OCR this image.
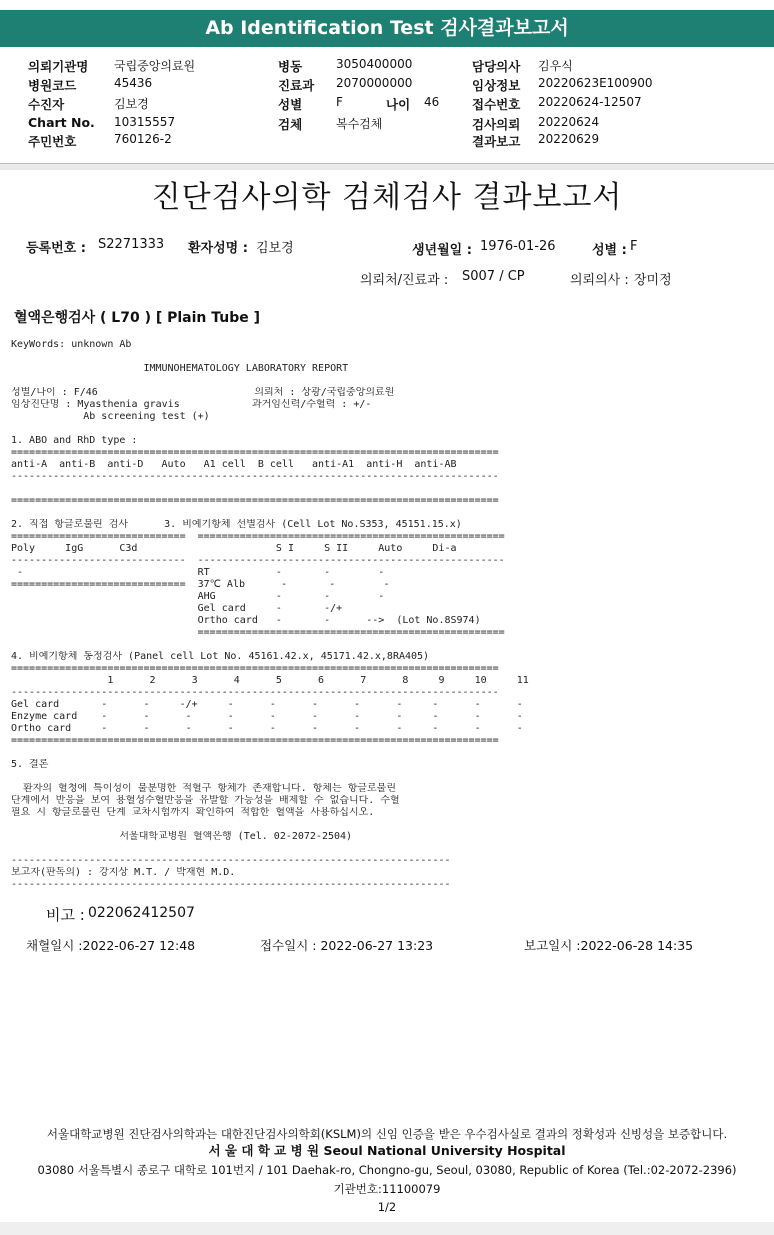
Ab Identification Test 검사결과보고서
의뢰기관명 국립중앙의료원
병원코드	45436
수진자	김보경
Chart No. 10315557
주민번호	760126-2
병동	3050400000
진료과 2070000000
성별	F	나이 46
검체	복수검체
담당의사 김우식
임상정보 20220623E100900
접수번호 20220624-12507
검사의뢰 20220624
결과보고 20220629
진단검사의학 검체검사 결과보고서
등록번호 : S2271333 환자성명 : 김보경	생년월일 : 1976-01-26	성별 : F
의뢰처/진료과 : S007 / CP	의뢰의사 : 장미정
혈액은행검사 ( L70 ) [ Plain Tube ]
KeyWords: unknown Ab
IMMUNOHEMATOLOGY LABORATORY REPORT
성별/나이 : F/46                          의뢰처 : 상광/국립중앙의료원
임상진단명 : Myasthenia gravis            과거임신력/수혈력 : +/-
Ab screening test (+)
1. ABO and RhD type :
=================================================================================
anti-A  anti-B  anti-D   Auto   A1 cell  B cell   anti-A1  anti-H  anti-AB
---------------------------------------------------------------------------------
=================================================================================
2. 직접 항글로불린 검사      3. 비예기항체 선별검사 (Cell Lot No.S353, 45151.15.x)
=============================  ===================================================
Poly     IgG      C3d                       S I     S II     Auto     Di-a
-----------------------------  ---------------------------------------------------
-                             RT           -       -        -
=============================  37℃ Alb      -       -        -
AHG          -       -        -
Gel card     -       -/+
Ortho card   -       -      -->  (Lot No.8S974)
===================================================
4. 비예기항체 동정검사 (Panel cell Lot No. 45161.42.x, 45171.42.x,8RA405)
=================================================================================
1      2      3      4      5      6      7      8     9     10     11
---------------------------------------------------------------------------------
Gel card       -      -     -/+     -      -      -      -      -     -      -      -
Enzyme card    -      -      -      -      -      -      -      -     -      -      -
Ortho card     -      -      -      -      -      -      -      -     -      -      -
=================================================================================
5. 결론
환자의 혈청에 특이성이 불분명한 적혈구 항체가 존재합니다. 항체는 항글로불린
단계에서 반응을 보여 용혈성수혈반응을 유발할 가능성을 배제할 수 없습니다. 수혈
필요 시 항글로불린 단계 교차시험까지 확인하여 적합한 혈액을 사용하십시오.
서울대학교병원 혈액은행 (Tel. 02-2072-2504)
-------------------------------------------------------------------------
보고자(판독의) : 강지상 M.T. / 박재현 M.D.
-------------------------------------------------------------------------
비고 : 022062412507
채혈일시 :2022-06-27 12:48	접수일시 : 2022-06-27 13:23	보고일시 :2022-06-28 14:35
서울대학교병원 진단검사의학과는 대한진단검사의학회(KSLM)의 신임 인증을 받은 우수검사실로 결과의 정확성과 신빙성을 보증합니다.
서 울 대 학 교 병 원 Seoul National University Hospital
03080 서울특별시 종로구 대학로 101번지 / 101 Daehak-ro, Chongno-gu, Seoul, 03080, Republic of Korea (Tel.:02-2072-2396)
기관번호:11100079
1/2
